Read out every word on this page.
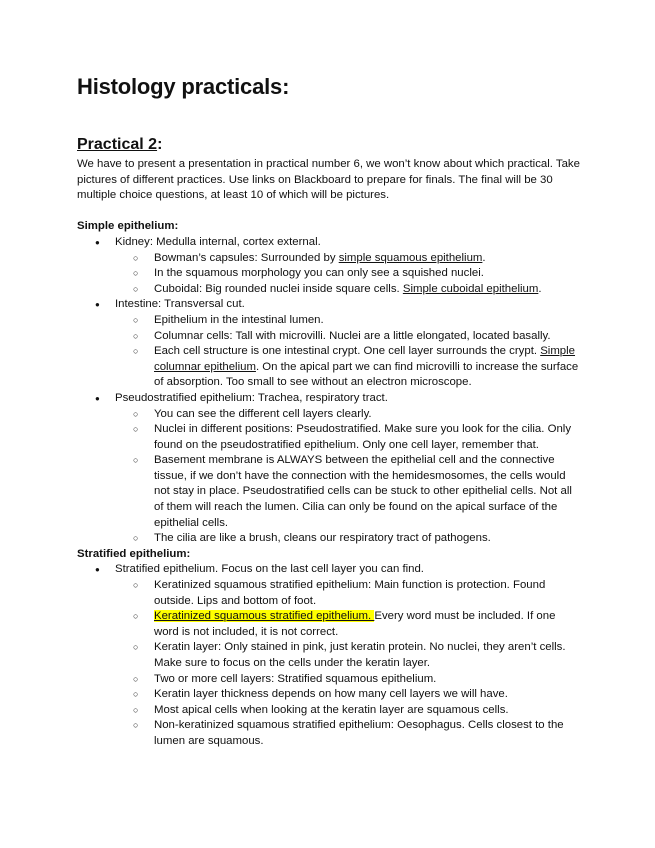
Histology practicals:
Practical 2:

We have to present a presentation in practical number 6, we won’t know about which practical. Take pictures of different practices. Use links on Blackboard to prepare for finals. The final will be 30 multiple choice questions, at least 10 of which will be pictures.

Simple epithelium:

● Kidney: Medulla internal, cortex external.
○ Bowman’s capsules: Surrounded by simple squamous epithelium.
○ In the squamous morphology you can only see a squished nuclei.
○ Cuboidal: Big rounded nuclei inside square cells. Simple cuboidal epithelium.
● Intestine: Transversal cut.
○ Epithelium in the intestinal lumen.
○ Columnar cells: Tall with microvilli. Nuclei are a little elongated, located basally.
○ Each cell structure is one intestinal crypt. One cell layer surrounds the crypt. Simple columnar epithelium. On the apical part we can find microvilli to increase the surface of absorption. Too small to see without an electron microscope.
● Pseudostratified epithelium: Trachea, respiratory tract.
○ You can see the different cell layers clearly.
○ Nuclei in different positions: Pseudostratified. Make sure you look for the cilia. Only found on the pseudostratified epithelium. Only one cell layer, remember that.
○ Basement membrane is ALWAYS between the epithelial cell and the connective tissue, if we don’t have the connection with the hemidesmosomes, the cells would not stay in place. Pseudostratified cells can be stuck to other epithelial cells. Not all of them will reach the lumen. Cilia can only be found on the apical surface of the epithelial cells.
○ The cilia are like a brush, cleans our respiratory tract of pathogens.

Stratified epithelium:

● Stratified epithelium. Focus on the last cell layer you can find.
○ Keratinized squamous stratified epithelium: Main function is protection. Found outside. Lips and bottom of foot.
○ Keratinized squamous stratified epithelium. Every word must be included. If one word is not included, it is not correct.
○ Keratin layer: Only stained in pink, just keratin protein. No nuclei, they aren’t cells. Make sure to focus on the cells under the keratin layer.
○ Two or more cell layers: Stratified squamous epithelium.
○ Keratin layer thickness depends on how many cell layers we will have.
○ Most apical cells when looking at the keratin layer are squamous cells.
○ Non-keratinized squamous stratified epithelium: Oesophagus. Cells closest to the lumen are squamous.
